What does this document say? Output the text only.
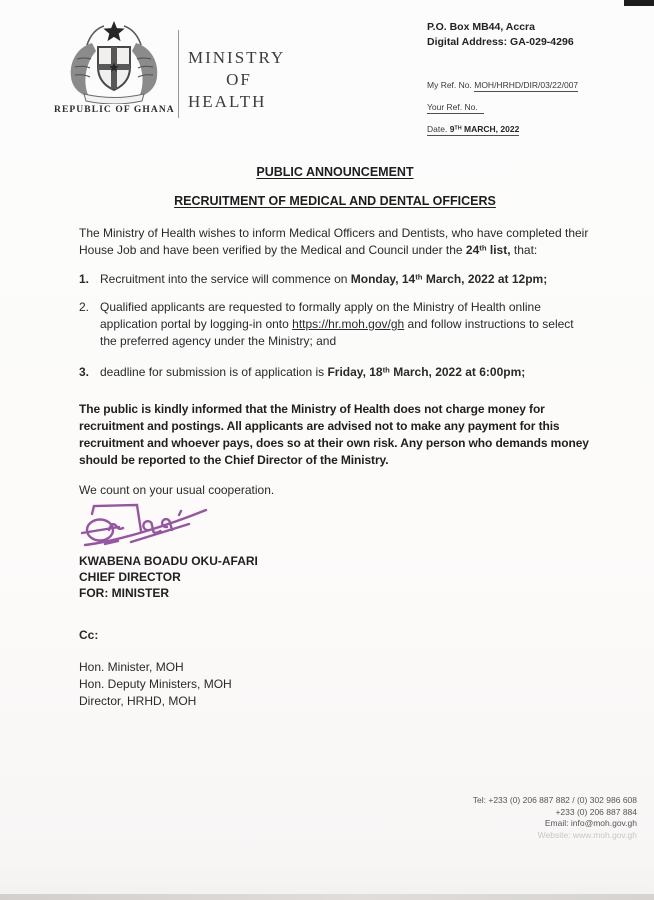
REPUBLIC OF GHANA
MINISTRY
OF
HEALTH
P.O. Box MB44, Accra
Digital Address: GA-029-4296
My Ref. No. MOH/HRHD/DIR/03/22/007
Your Ref. No.
Date. 9TH MARCH, 2022
PUBLIC ANNOUNCEMENT
RECRUITMENT OF MEDICAL AND DENTAL OFFICERS

The Ministry of Health wishes to inform Medical Officers and Dentists, who have completed their House Job and have been verified by the Medical and Council under the 24th list, that:

1. Recruitment into the service will commence on Monday, 14th March, 2022 at 12pm;
2. Qualified applicants are requested to formally apply on the Ministry of Health online application portal by logging-in onto https://hr.moh.gov/gh and follow instructions to select the preferred agency under the Ministry; and
3. deadline for submission is of application is Friday, 18th March, 2022 at 6:00pm;

The public is kindly informed that the Ministry of Health does not charge money for recruitment and postings. All applicants are advised not to make any payment for this recruitment and whoever pays, does so at their own risk. Any person who demands money should be reported to the Chief Director of the Ministry.

We count on your usual cooperation.

KWABENA BOADU OKU-AFARI
CHIEF DIRECTOR
FOR: MINISTER
Cc:
Hon. Minister, MOH
Hon. Deputy Ministers, MOH
Director, HRHD, MOH
Tel: +233 (0) 206 887 882 / (0) 302 986 608
+233 (0) 206 887 884
Email: info@moh.gov.gh
Website: www.moh.gov.gh
